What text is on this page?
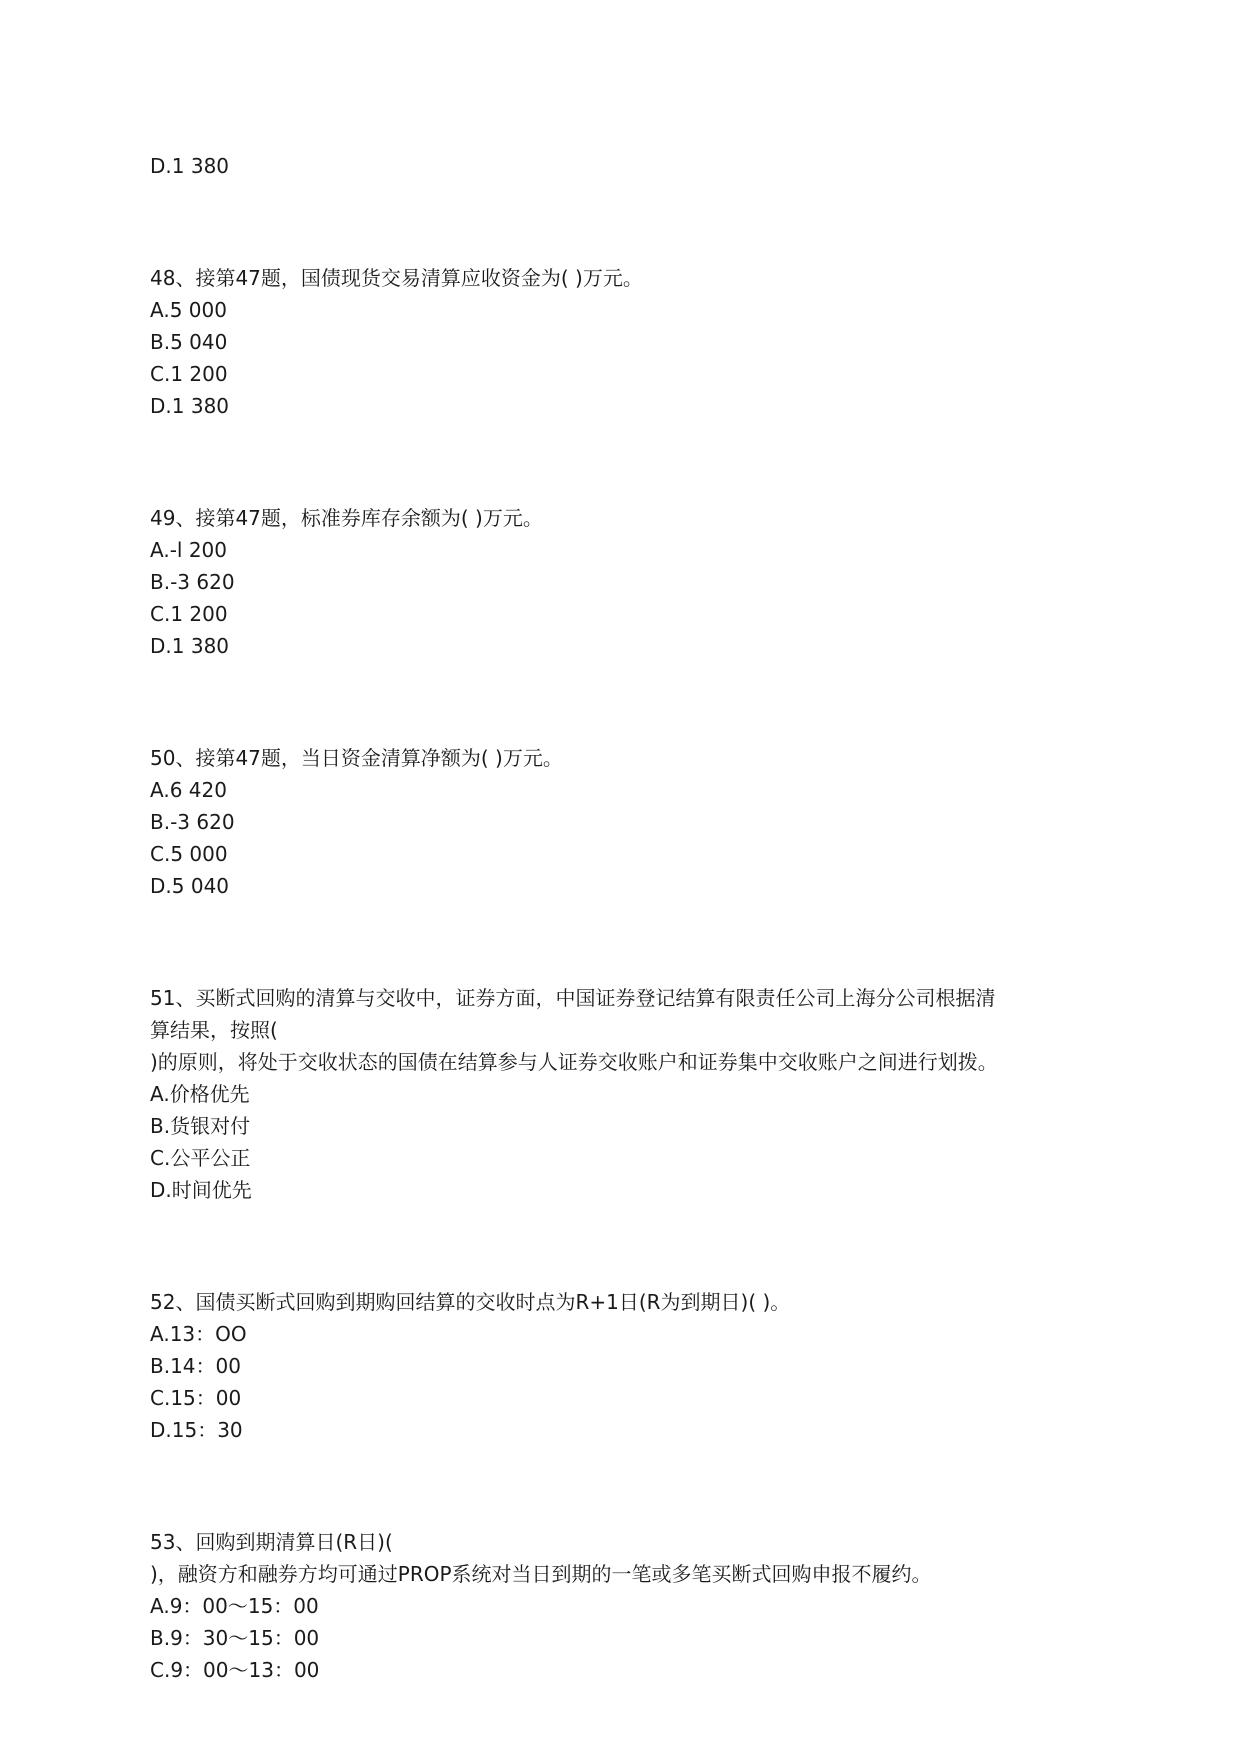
D.1 380
48、接第47题，国债现货交易清算应收资金为( )万元。
A.5 000
B.5 040
C.1 200
D.1 380
49、接第47题，标准券库存余额为( )万元。
A.-l 200
B.-3 620
C.1 200
D.1 380
50、接第47题，当日资金清算净额为( )万元。
A.6 420
B.-3 620
C.5 000
D.5 040
51、买断式回购的清算与交收中，证券方面，中国证券登记结算有限责任公司上海分公司根据清
算结果，按照(
)的原则，将处于交收状态的国债在结算参与人证券交收账户和证券集中交收账户之间进行划拨。
A.价格优先
B.货银对付
C.公平公正
D.时间优先
52、国债买断式回购到期购回结算的交收时点为R+1日(R为到期日)( )。
A.13：OO
B.14：00
C.15：00
D.15：30
53、回购到期清算日(R日)(
)，融资方和融券方均可通过PROP系统对当日到期的一笔或多笔买断式回购申报不履约。
A.9：00～15：00
B.9：30～15：00
C.9：00～13：00
